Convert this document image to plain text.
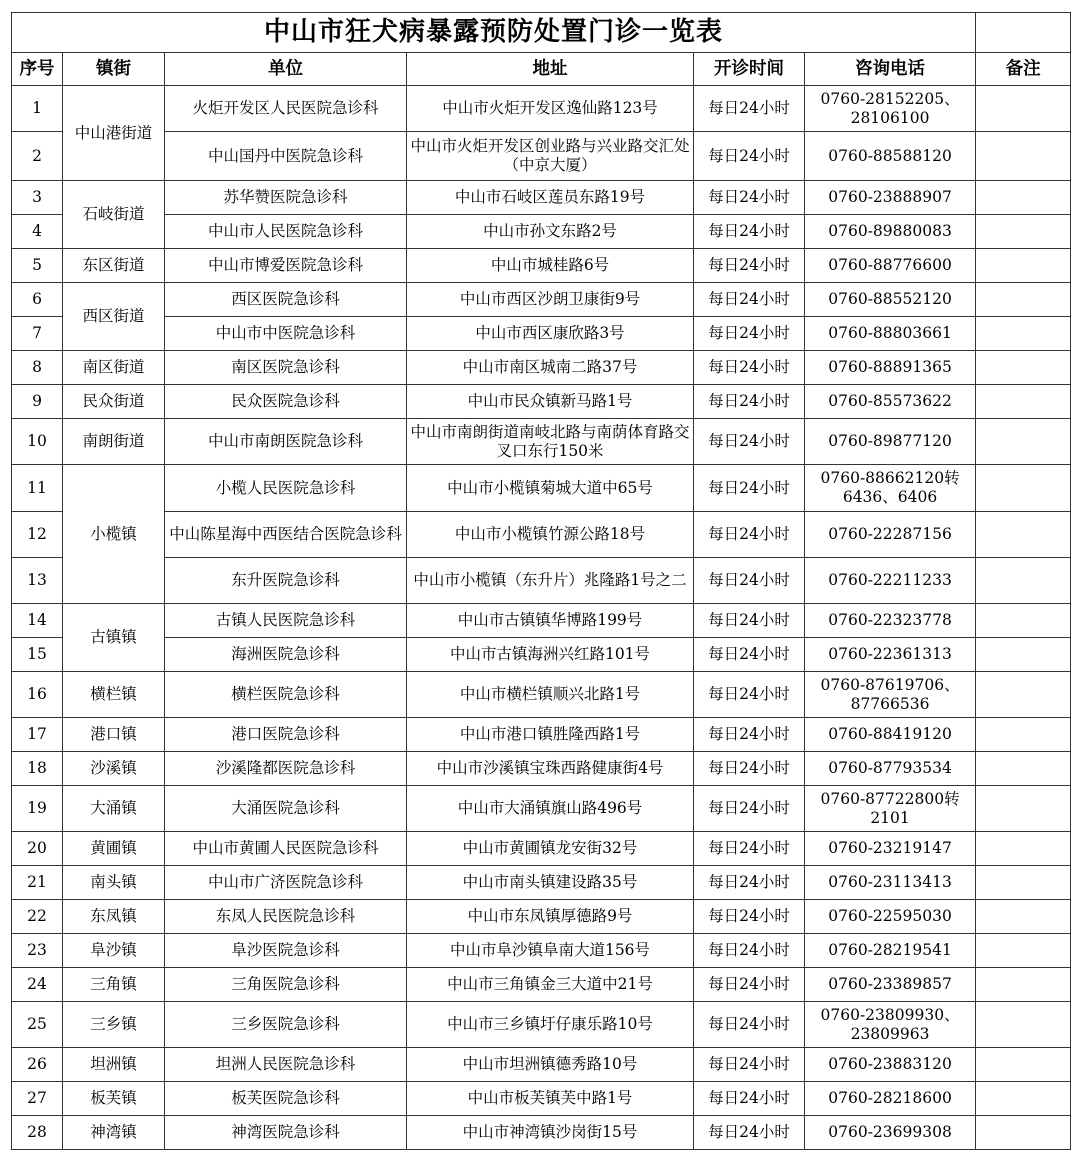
中山市狂犬病暴露预防处置门诊一览表						
序号	镇街	单位	地址	开诊时间	咨询电话	备注
1	中山港街道	火炬开发区人民医院急诊科	中山市火炬开发区逸仙路123号	每日24小时	0760-28152205、28106100	
2		中山国丹中医院急诊科	中山市火炬开发区创业路与兴业路交汇处（中京大厦）	每日24小时	0760-88588120	
3	石岐街道	苏华赞医院急诊科	中山市石岐区莲员东路19号	每日24小时	0760-23888907	
4		中山市人民医院急诊科	中山市孙文东路2号	每日24小时	0760-89880083	
5	东区街道	中山市博爱医院急诊科	中山市城桂路6号	每日24小时	0760-88776600	
6	西区街道	西区医院急诊科	中山市西区沙朗卫康街9号	每日24小时	0760-88552120	
7		中山市中医院急诊科	中山市西区康欣路3号	每日24小时	0760-88803661	
8	南区街道	南区医院急诊科	中山市南区城南二路37号	每日24小时	0760-88891365	
9	民众街道	民众医院急诊科	中山市民众镇新马路1号	每日24小时	0760-85573622	
10	南朗街道	中山市南朗医院急诊科	中山市南朗街道南岐北路与南荫体育路交叉口东行150米	每日24小时	0760-89877120	
11	小榄镇	小榄人民医院急诊科	中山市小榄镇菊城大道中65号	每日24小时	0760-88662120转6436、6406	
12		中山陈星海中西医结合医院急诊科	中山市小榄镇竹源公路18号	每日24小时	0760-22287156	
13		东升医院急诊科	中山市小榄镇（东升片）兆隆路1号之二	每日24小时	0760-22211233	
14	古镇镇	古镇人民医院急诊科	中山市古镇镇华博路199号	每日24小时	0760-22323778	
15		海洲医院急诊科	中山市古镇海洲兴红路101号	每日24小时	0760-22361313	
16	横栏镇	横栏医院急诊科	中山市横栏镇顺兴北路1号	每日24小时	0760-87619706、87766536	
17	港口镇	港口医院急诊科	中山市港口镇胜隆西路1号	每日24小时	0760-88419120	
18	沙溪镇	沙溪隆都医院急诊科	中山市沙溪镇宝珠西路健康街4号	每日24小时	0760-87793534	
19	大涌镇	大涌医院急诊科	中山市大涌镇旗山路496号	每日24小时	0760-87722800转2101	
20	黄圃镇	中山市黄圃人民医院急诊科	中山市黄圃镇龙安街32号	每日24小时	0760-23219147	
21	南头镇	中山市广济医院急诊科	中山市南头镇建设路35号	每日24小时	0760-23113413	
22	东凤镇	东凤人民医院急诊科	中山市东凤镇厚德路9号	每日24小时	0760-22595030	
23	阜沙镇	阜沙医院急诊科	中山市阜沙镇阜南大道156号	每日24小时	0760-28219541	
24	三角镇	三角医院急诊科	中山市三角镇金三大道中21号	每日24小时	0760-23389857	
25	三乡镇	三乡医院急诊科	中山市三乡镇圩仔康乐路10号	每日24小时	0760-23809930、23809963	
26	坦洲镇	坦洲人民医院急诊科	中山市坦洲镇德秀路10号	每日24小时	0760-23883120	
27	板芙镇	板芙医院急诊科	中山市板芙镇芙中路1号	每日24小时	0760-28218600	
28	神湾镇	神湾医院急诊科	中山市神湾镇沙岗街15号	每日24小时	0760-23699308	
